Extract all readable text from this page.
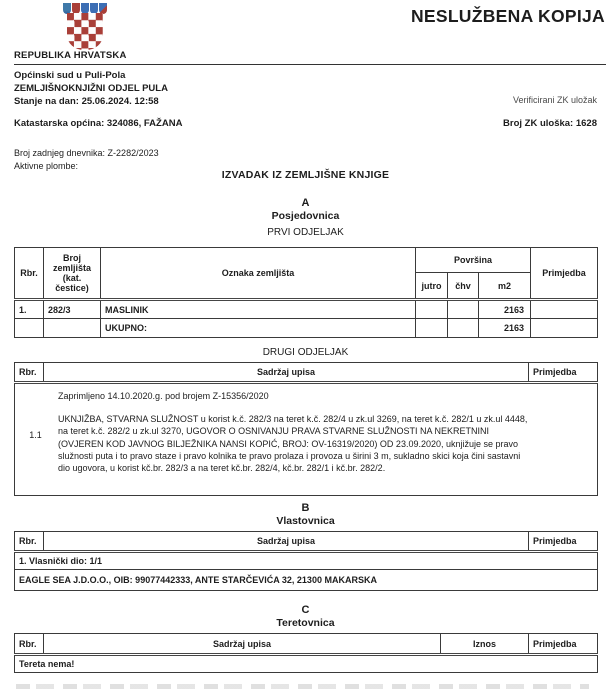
NESLUŽBENA KOPIJA
REPUBLIKA HRVATSKA
Općinski sud u Puli-Pola
ZEMLJIŠNOKNJIŽNI ODJEL PULA
Stanje na dan: 25.06.2024. 12:58	Verificirani ZK uložak
Katastarska općina: 324086, FAŽANA	Broj ZK uloška: 1628
Broj zadnjeg dnevnika: Z-2282/2023
Aktivne plombe:
IZVADAK IZ ZEMLJIŠNE KNJIGE
A
Posjedovnica
PRVI ODJELJAK
Rbr.	Broj zemljišta (kat. čestice)	Oznaka zemljišta	Površina			Primjedba
			jutro	čhv	m2	
1.	282/3	MASLINIK			2163	
		UKUPNO:			2163	
DRUGI ODJELJAK
Rbr.	Sadržaj upisa	Primjedba

1.1
Zaprimljeno 14.10.2020.g. pod brojem Z-15356/2020
UKNJIŽBA, STVARNA SLUŽNOST u korist k.č. 282/3 na teret k.č. 282/4 u zk.ul 3269, na teret k.č. 282/1 u zk.ul 4448, na teret k.č. 282/2 u zk.ul 3270, UGOVOR O OSNIVANJU PRAVA STVARNE SLUŽNOSTI NA NEKRETNINI (OVJEREN KOD JAVNOG BILJEŽNIKA NANSI KOPIĆ, BROJ: OV-16319/2020) OD 23.09.2020, uknjižuje se pravo služnosti puta i to pravo staze i pravo kolnika te pravo prolaza i provoza u širini 3 m, sukladno skici koja čini sastavni dio ugovora, u korist kč.br. 282/3 a na teret kč.br. 282/4, kč.br. 282/1 i kč.br. 282/2.
B
Vlastovnica
Rbr.	Sadržaj upisa	Primjedba
1. Vlasnički dio: 1/1
EAGLE SEA J.D.O.O., OIB: 99077442333, ANTE STARČEVIĆA 32, 21300 MAKARSKA
C
Teretovnica
Rbr.	Sadržaj upisa	Iznos	Primjedba
Tereta nema!
